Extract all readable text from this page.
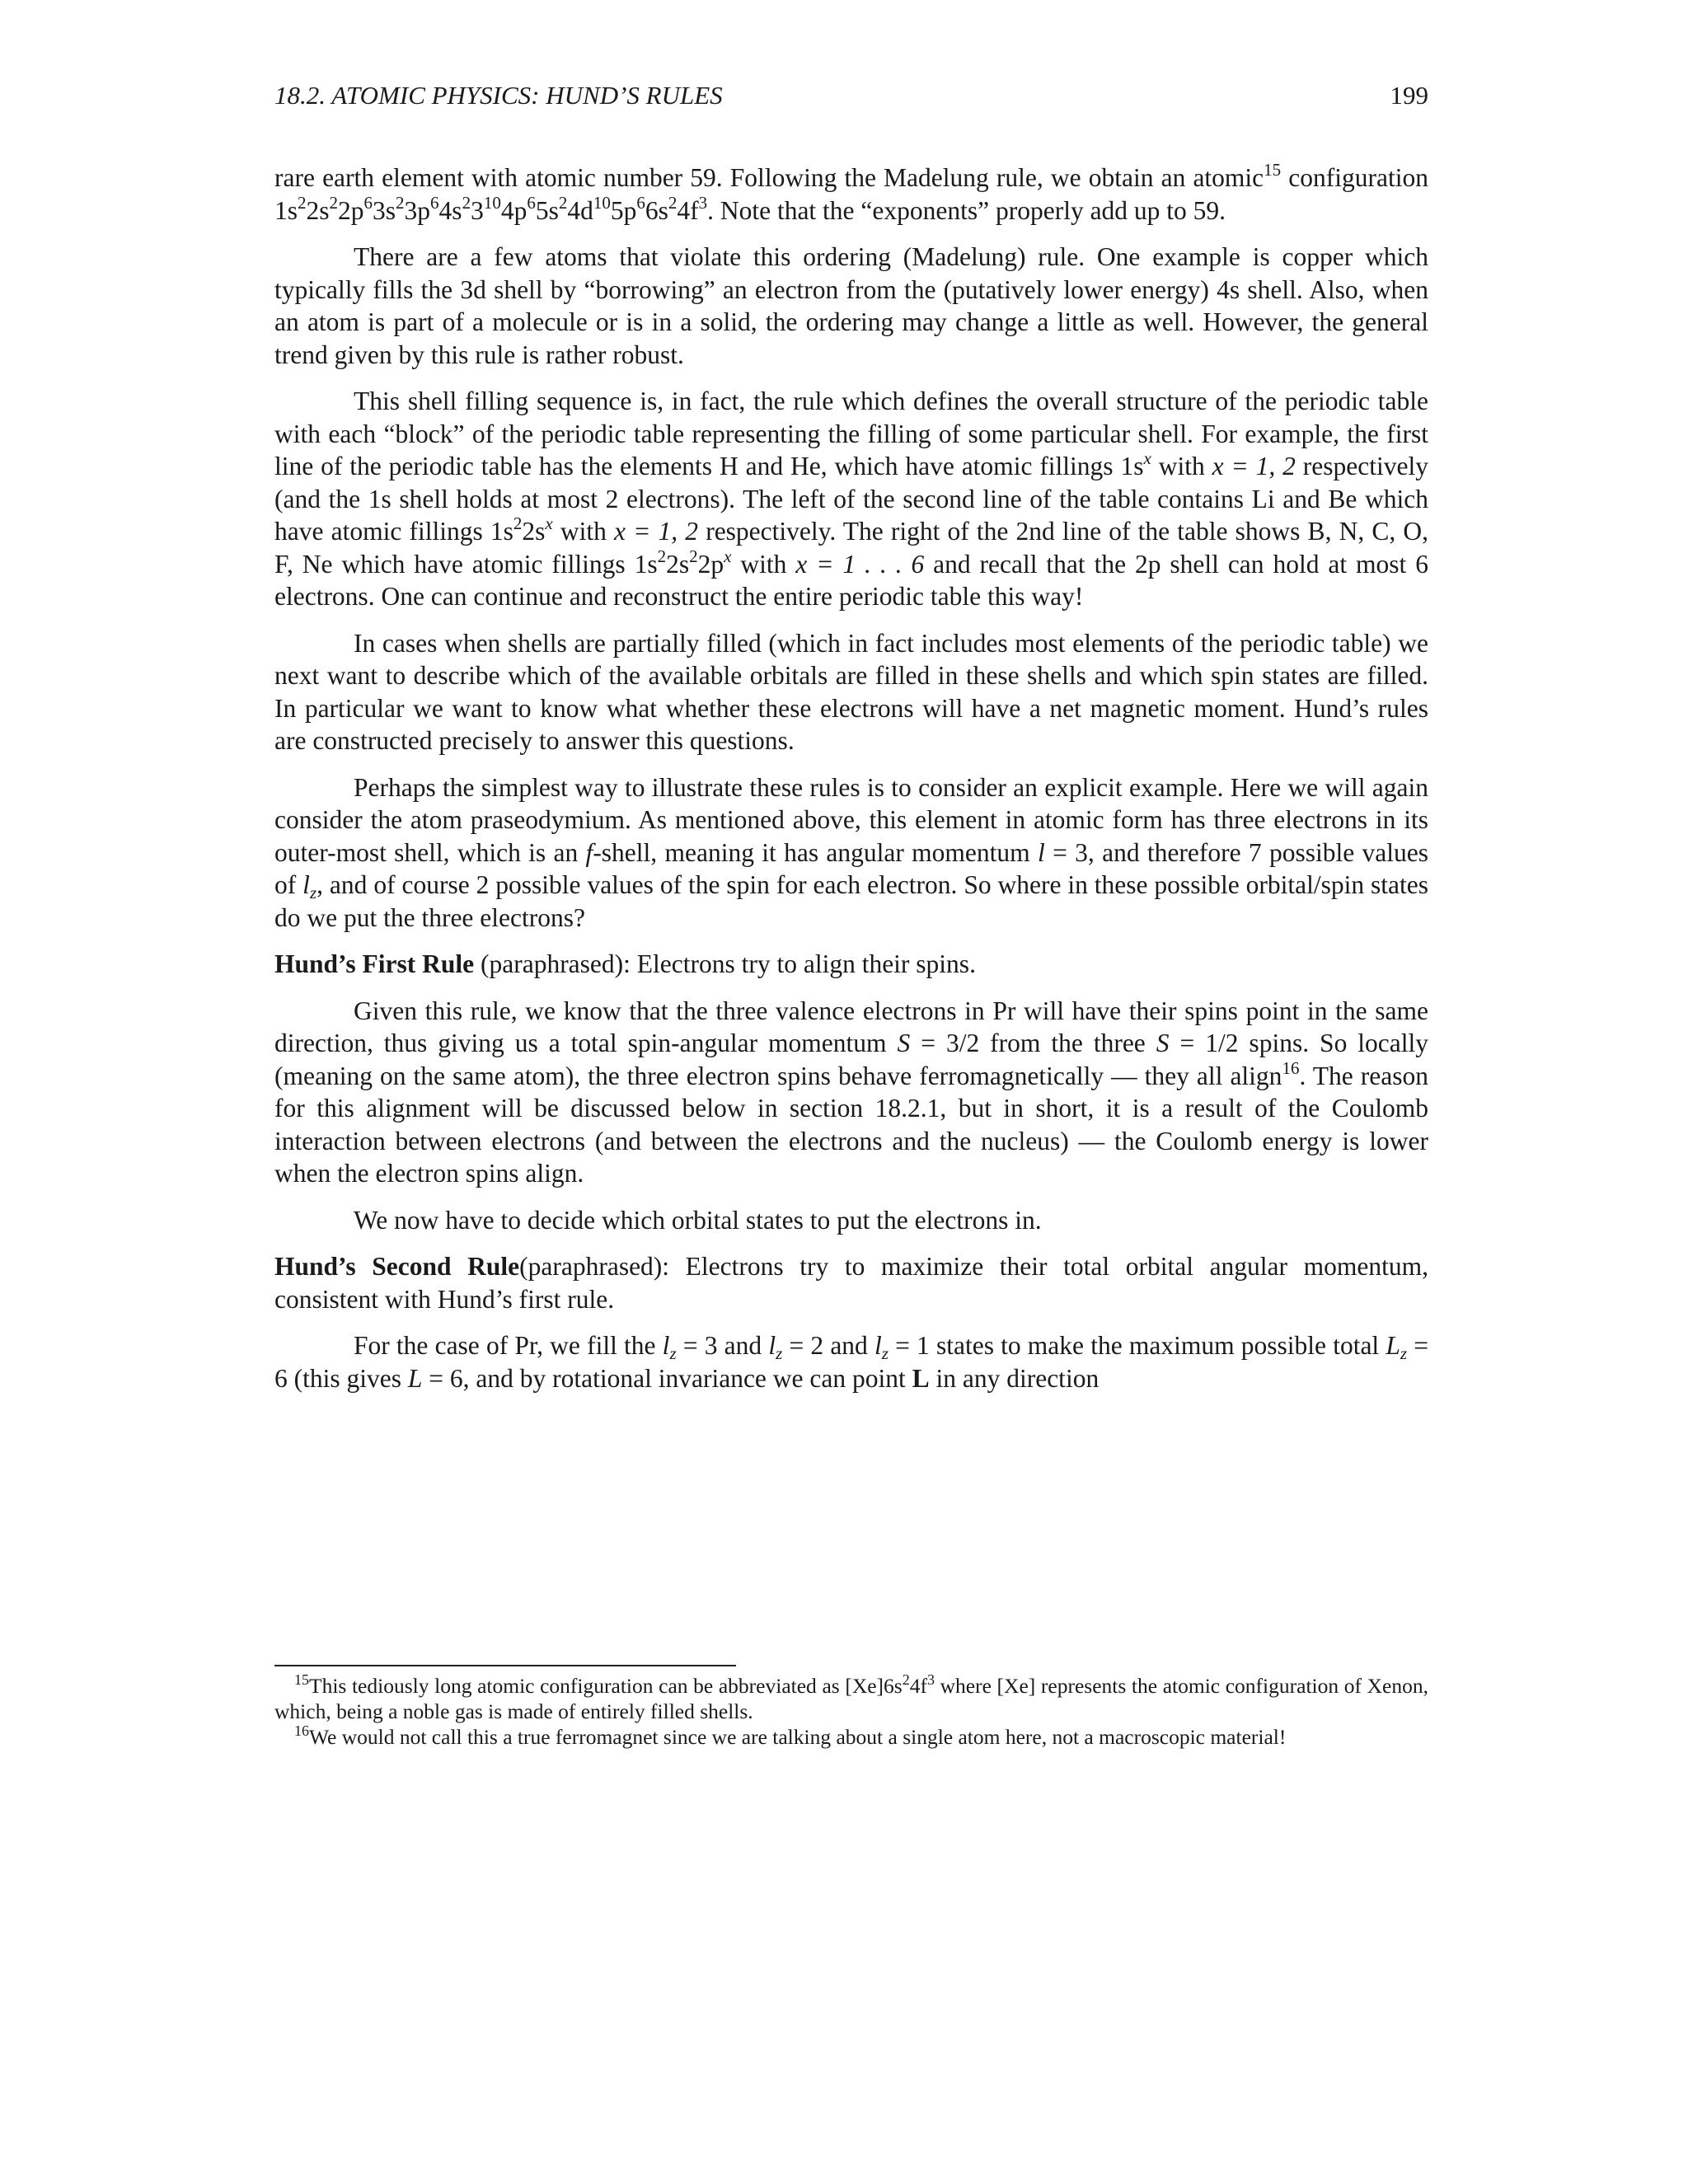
18.2. ATOMIC PHYSICS: HUND’S RULES	199

rare earth element with atomic number 59. Following the Madelung rule, we obtain an atomic$^{15}$ configuration $1s^22s^22p^63s^23p^64s^23^{10}4p^65s^24d^{10}5p^66s^24f^3$. Note that the “exponents” properly add up to 59.

There are a few atoms that violate this ordering (Madelung) rule. One example is copper which typically fills the 3d shell by “borrowing” an electron from the (putatively lower energy) 4s shell. Also, when an atom is part of a molecule or is in a solid, the ordering may change a little as well. However, the general trend given by this rule is rather robust.

This shell filling sequence is, in fact, the rule which defines the overall structure of the periodic table with each “block” of the periodic table representing the filling of some particular shell. For example, the first line of the periodic table has the elements H and He, which have atomic fillings $1s^x$ with x = 1, 2 respectively (and the 1s shell holds at most 2 electrons). The left of the second line of the table contains Li and Be which have atomic fillings $1s^22s^x$ with x = 1, 2 respectively. The right of the 2nd line of the table shows B, N, C, O, F, Ne which have atomic fillings $1s^22s^22p^x$ with x = 1 . . . 6 and recall that the 2p shell can hold at most 6 electrons. One can continue and reconstruct the entire periodic table this way!

In cases when shells are partially filled (which in fact includes most elements of the periodic table) we next want to describe which of the available orbitals are filled in these shells and which spin states are filled. In particular we want to know what whether these electrons will have a net magnetic moment. Hund’s rules are constructed precisely to answer this questions.

Perhaps the simplest way to illustrate these rules is to consider an explicit example. Here we will again consider the atom praseodymium. As mentioned above, this element in atomic form has three electrons in its outer-most shell, which is an f-shell, meaning it has angular momentum l = 3, and therefore 7 possible values of $l_z$, and of course 2 possible values of the spin for each electron. So where in these possible orbital/spin states do we put the three electrons?

Hund’s First Rule (paraphrased): Electrons try to align their spins.

Given this rule, we know that the three valence electrons in Pr will have their spins point in the same direction, thus giving us a total spin-angular momentum S = 3/2 from the three S = 1/2 spins. So locally (meaning on the same atom), the three electron spins behave ferromagnetically — they all align$^{16}$. The reason for this alignment will be discussed below in section 18.2.1, but in short, it is a result of the Coulomb interaction between electrons (and between the electrons and the nucleus) — the Coulomb energy is lower when the electron spins align.

We now have to decide which orbital states to put the electrons in.

Hund’s Second Rule(paraphrased): Electrons try to maximize their total orbital angular momentum, consistent with Hund’s first rule.

For the case of Pr, we fill the $l_z = 3$ and $l_z = 2$ and $l_z = 1$ states to make the maximum possible total $L_z = 6$ (this gives L = 6, and by rotational invariance we can point L in any direction

$^{15}$This tediously long atomic configuration can be abbreviated as $[Xe]6s^24f^3$ where [Xe] represents the atomic configuration of Xenon, which, being a noble gas is made of entirely filled shells.

$^{16}$We would not call this a true ferromagnet since we are talking about a single atom here, not a macroscopic material!
